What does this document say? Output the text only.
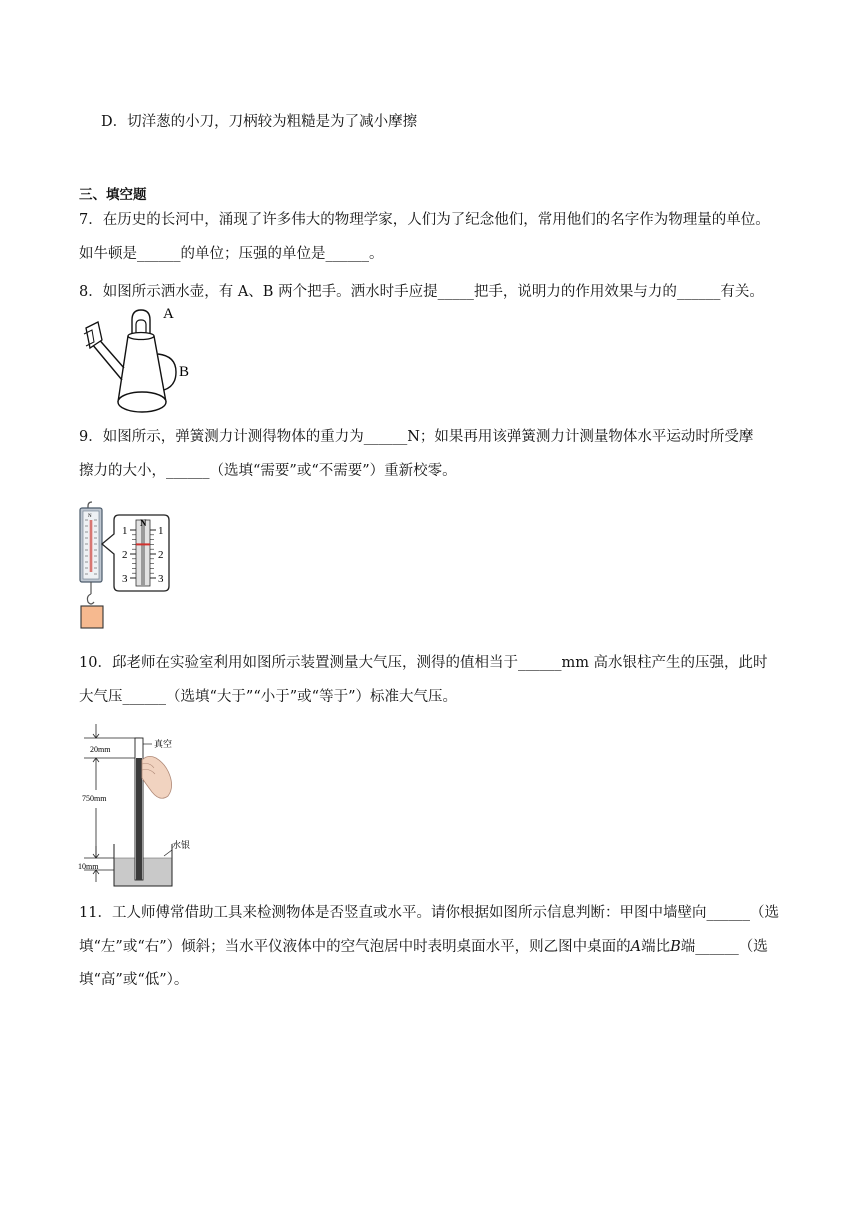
D．切洋葱的小刀，刀柄较为粗糙是为了减小摩擦
三、填空题
7．在历史的长河中，涌现了许多伟大的物理学家，人们为了纪念他们，常用他们的名字作为物理量的单位。
如牛顿是______的单位；压强的单位是______。
8．如图所示洒水壶，有 A、B 两个把手。洒水时手应提_____把手，说明力的作用效果与力的______有关。
A
B
9．如图所示，弹簧测力计测得物体的重力为______N；如果再用该弹簧测力计测量物体水平运动时所受摩
擦力的大小，______（选填“需要”或“不需要”）重新校零。
N
N
1
2
3
1
2
3
10．邱老师在实验室利用如图所示装置测量大气压，测得的值相当于______mm 高水银柱产生的压强，此时
大气压______（选填“大于”“小于”或“等于”）标准大气压。
20mm
750mm
10mm
真空
水银
11．工人师傅常借助工具来检测物体是否竖直或水平。请你根据如图所示信息判断：甲图中墙壁向______（选
填“左”或“右”）倾斜；当水平仪液体中的空气泡居中时表明桌面水平，则乙图中桌面的A端比B端______（选
填“高”或“低”）。
